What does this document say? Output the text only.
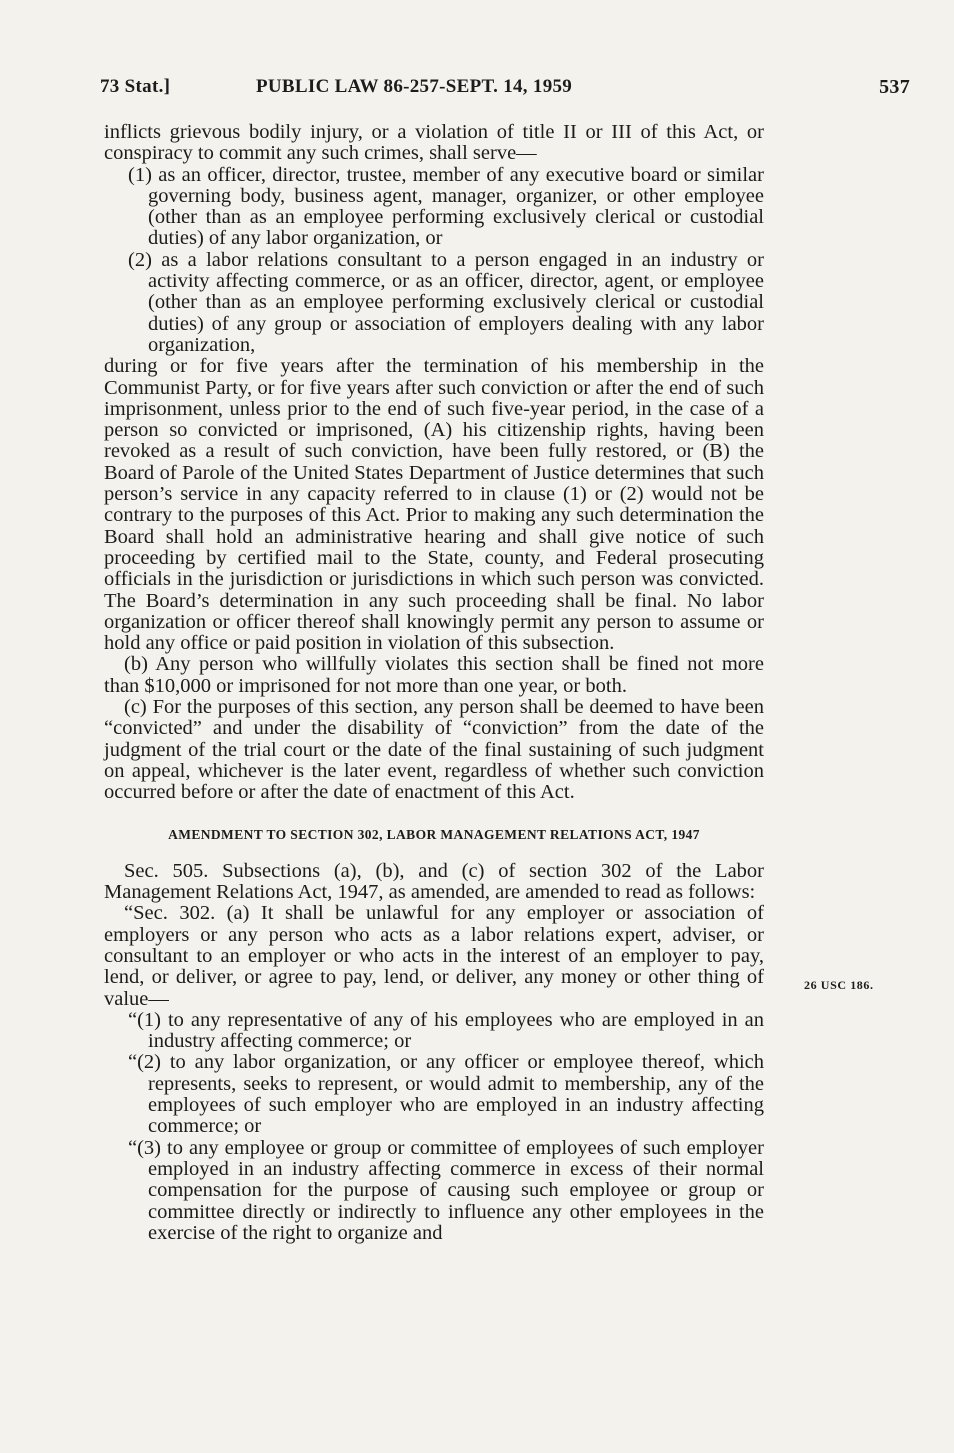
73 Stat.]	PUBLIC LAW 86-257-SEPT. 14, 1959	537

inflicts grievous bodily injury, or a violation of title II or III of this Act, or conspiracy to commit any such crimes, shall serve—

(1) as an officer, director, trustee, member of any executive board or similar governing body, business agent, manager, organizer, or other employee (other than as an employee performing exclusively clerical or custodial duties) of any labor organization, or

(2) as a labor relations consultant to a person engaged in an industry or activity affecting commerce, or as an officer, director, agent, or employee (other than as an employee performing exclusively clerical or custodial duties) of any group or association of employers dealing with any labor organization,

during or for five years after the termination of his membership in the Communist Party, or for five years after such conviction or after the end of such imprisonment, unless prior to the end of such five-year period, in the case of a person so convicted or imprisoned, (A) his citizenship rights, having been revoked as a result of such conviction, have been fully restored, or (B) the Board of Parole of the United States Department of Justice determines that such person’s service in any capacity referred to in clause (1) or (2) would not be contrary to the purposes of this Act. Prior to making any such determination the Board shall hold an administrative hearing and shall give notice of such proceeding by certified mail to the State, county, and Federal prosecuting officials in the jurisdiction or jurisdictions in which such person was convicted. The Board’s determination in any such proceeding shall be final. No labor organization or officer thereof shall knowingly permit any person to assume or hold any office or paid position in violation of this subsection.

(b) Any person who willfully violates this section shall be fined not more than $10,000 or imprisoned for not more than one year, or both.

(c) For the purposes of this section, any person shall be deemed to have been “convicted” and under the disability of “conviction” from the date of the judgment of the trial court or the date of the final sustaining of such judgment on appeal, whichever is the later event, regardless of whether such conviction occurred before or after the date of enactment of this Act.

AMENDMENT TO SECTION 302, LABOR MANAGEMENT RELATIONS ACT, 1947

Sec. 505. Subsections (a), (b), and (c) of section 302 of the Labor Management Relations Act, 1947, as amended, are amended to read as follows:

“Sec. 302. (a) It shall be unlawful for any employer or association of employers or any person who acts as a labor relations expert, adviser, or consultant to an employer or who acts in the interest of an employer to pay, lend, or deliver, or agree to pay, lend, or deliver, any money or other thing of value—

“(1) to any representative of any of his employees who are employed in an industry affecting commerce; or

“(2) to any labor organization, or any officer or employee thereof, which represents, seeks to represent, or would admit to membership, any of the employees of such employer who are employed in an industry affecting commerce; or

“(3) to any employee or group or committee of employees of such employer employed in an industry affecting commerce in excess of their normal compensation for the purpose of causing such employee or group or committee directly or indirectly to influence any other employees in the exercise of the right to organize and

26 USC 186.
